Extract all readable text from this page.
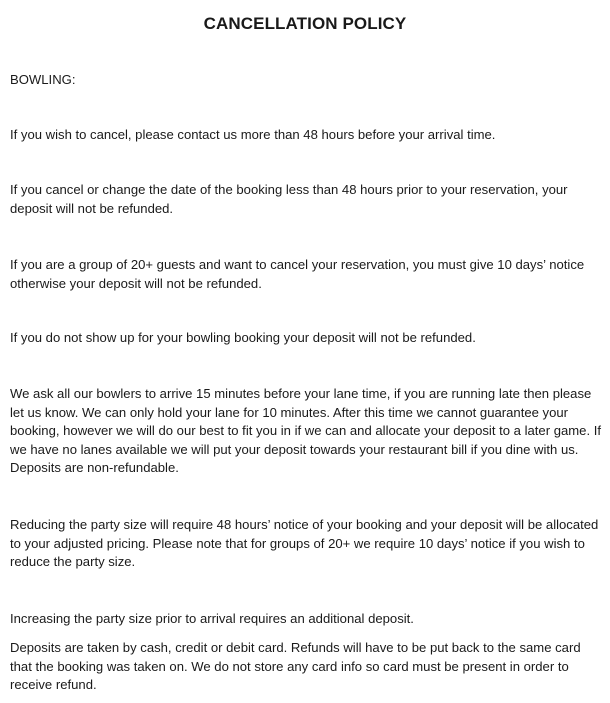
CANCELLATION POLICY

BOWLING:

If you wish to cancel, please contact us more than 48 hours before your arrival time.

If you cancel or change the date of the booking less than 48 hours prior to your reservation, your deposit will not be refunded.

If you are a group of 20+ guests and want to cancel your reservation, you must give 10 days’ notice otherwise your deposit will not be refunded.

If you do not show up for your bowling booking your deposit will not be refunded.

We ask all our bowlers to arrive 15 minutes before your lane time, if you are running late then please let us know. We can only hold your lane for 10 minutes. After this time we cannot guarantee your booking, however we will do our best to fit you in if we can and allocate your deposit to a later game. If we have no lanes available we will put your deposit towards your restaurant bill if you dine with us. Deposits are non-refundable.

Reducing the party size will require 48 hours’ notice of your booking and your deposit will be allocated to your adjusted pricing. Please note that for groups of 20+ we require 10 days’ notice if you wish to reduce the party size.

Increasing the party size prior to arrival requires an additional deposit.

Deposits are taken by cash, credit or debit card. Refunds will have to be put back to the same card that the booking was taken on. We do not store any card info so card must be present in order to receive refund.
